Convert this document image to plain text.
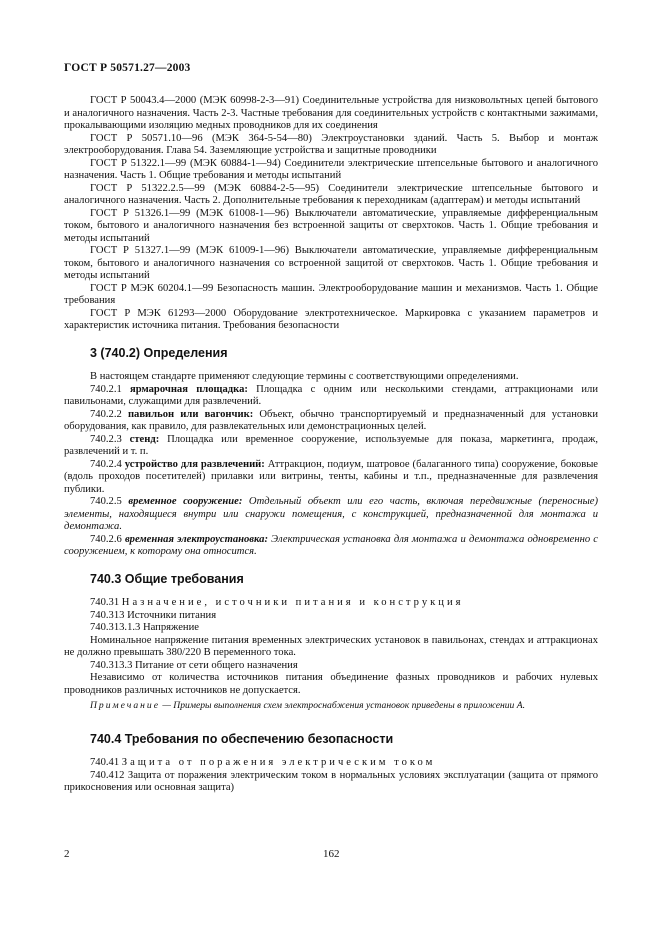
ГОСТ Р 50571.27—2003

ГОСТ Р 50043.4—2000 (МЭК 60998-2-3—91) Соединительные устройства для низковольтных цепей бытового и аналогичного назначения. Часть 2-3. Частные требования для соединительных устройств с контактными зажимами, прокалывающими изоляцию медных проводников для их соединения

ГОСТ Р 50571.10—96 (МЭК 364-5-54—80) Электроустановки зданий. Часть 5. Выбор и монтаж электрооборудования. Глава 54. Заземляющие устройства и защитные проводники

ГОСТ Р 51322.1—99 (МЭК 60884-1—94) Соединители электрические штепсельные бытового и аналогичного назначения. Часть 1. Общие требования и методы испытаний

ГОСТ Р 51322.2.5—99 (МЭК 60884-2-5—95) Соединители электрические штепсельные бытового и аналогичного назначения. Часть 2. Дополнительные требования к переходникам (адаптерам) и методы испытаний

ГОСТ Р 51326.1—99 (МЭК 61008-1—96) Выключатели автоматические, управляемые дифференциальным током, бытового и аналогичного назначения без встроенной защиты от сверхтоков. Часть 1. Общие требования и методы испытаний

ГОСТ Р 51327.1—99 (МЭК 61009-1—96) Выключатели автоматические, управляемые дифференциальным током, бытового и аналогичного назначения со встроенной защитой от сверхтоков. Часть 1. Общие требования и методы испытаний

ГОСТ Р МЭК 60204.1—99 Безопасность машин. Электрооборудование машин и механизмов. Часть 1. Общие требования

ГОСТ Р МЭК 61293—2000 Оборудование электротехническое. Маркировка с указанием параметров и характеристик источника питания. Требования безопасности

3 (740.2) Определения

В настоящем стандарте применяют следующие термины с соответствующими определениями.

740.2.1 ярмарочная площадка: Площадка с одним или несколькими стендами, аттракционами или павильонами, служащими для развлечений.

740.2.2 павильон или вагончик: Объект, обычно транспортируемый и предназначенный для установки оборудования, как правило, для развлекательных или демонстрационных целей.

740.2.3 стенд: Площадка или временное сооружение, используемые для показа, маркетинга, продаж, развлечений и т. п.

740.2.4 устройство для развлечений: Аттракцион, подиум, шатровое (балаганного типа) сооружение, боковые (вдоль проходов посетителей) прилавки или витрины, тенты, кабины и т.п., предназначенные для развлечения публики.

740.2.5 временное сооружение: Отдельный объект или его часть, включая передвижные (переносные) элементы, находящиеся внутри или снаружи помещения, с конструкцией, предназначенной для монтажа и демонтажа.

740.2.6 временная электроустановка: Электрическая установка для монтажа и демонтажа одновременно с сооружением, к которому она относится.

740.3 Общие требования

740.31 Назначение, источники питания и конструкция

740.313 Источники питания

740.313.1.3 Напряжение

Номинальное напряжение питания временных электрических установок в павильонах, стендах и аттракционах не должно превышать 380/220 В переменного тока.

740.313.3 Питание от сети общего назначения

Независимо от количества источников питания объединение фазных проводников и рабочих нулевых проводников различных источников не допускается.

Примечание — Примеры выполнения схем электроснабжения установок приведены в приложении А.

740.4 Требования по обеспечению безопасности

740.41 Защита от поражения электрическим током

740.412 Защита от поражения электрическим током в нормальных условиях эксплуатации (защита от прямого прикосновения или основная защита)

2	162
